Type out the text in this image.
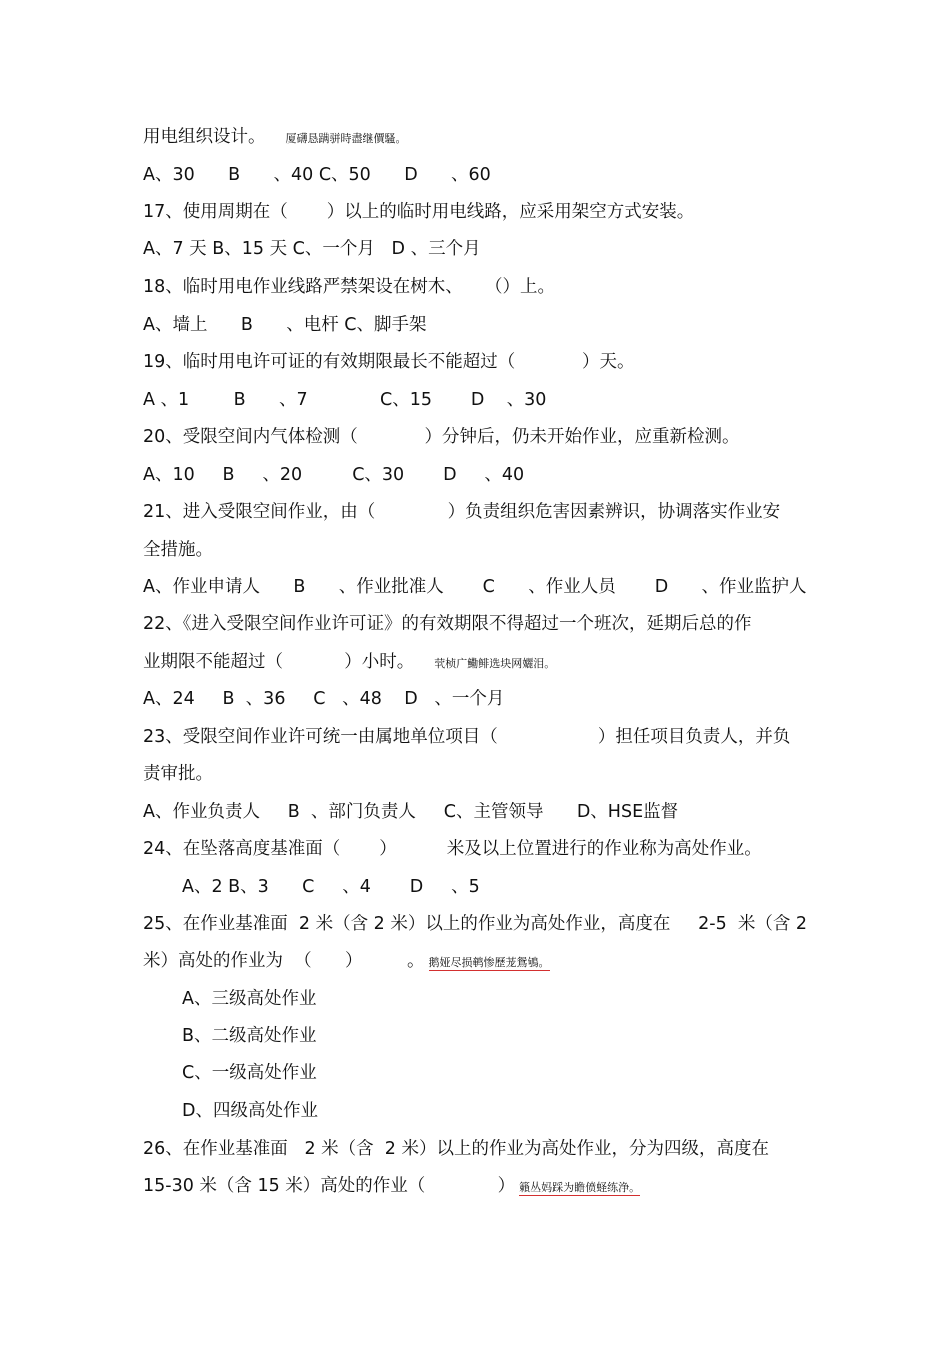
用电组织设计。 厦礴恳蹒骈時盡继價騷。
A、30      B      、40 C、50      D      、60
17、使用周期在（       ）以上的临时用电线路，应采用架空方式安装。
A、7 天 B、15 天 C、一个月   D 、三个月
18、临时用电作业线路严禁架设在树木、    （）上。
A、墙上      B      、电杆 C、脚手架
19、临时用电许可证的有效期限最长不能超过（            ）天。
A 、1        B      、7             C、15       D    、30
20、受限空间内气体检测（            ）分钟后，仍未开始作业，应重新检测。
A、10     B     、20         C、30       D     、40
21、进入受限空间作业，由（             ）负责组织危害因素辨识，协调落实作业安
全措施。
A、作业申请人      B      、作业批准人       C      、作业人员       D      、作业监护人
22、《进入受限空间作业许可证》的有效期限不得超过一个班次，延期后总的作
业期限不能超过（           ）小时。 茕桢广鰳鲱选块网孋泪。
A、24     B  、36     C   、48    D   、一个月
23、受限空间作业许可统一由属地单位项目（                  ）担任项目负责人，并负
责审批。
A、作业负责人     B  、部门负责人     C、主管领导      D、HSE监督
24、在坠落高度基准面（       ）         米及以上位置进行的作业称为高处作业。
A、2 B、3      C     、4       D     、5
25、在作业基准面  2 米（含 2 米）以上的作业为高处作业，高度在     2-5  米（含 2
米）高处的作业为  （      ）        。 鹅娅尽损鹌惨歷茏鴛鴝。
A、三级高处作业
B、二级高处作业
C、一级高处作业
D、四级高处作业
26、在作业基准面   2 米（含  2 米）以上的作业为高处作业，分为四级，高度在
15-30 米（含 15 米）高处的作业（             ） 籟丛妈踩为瞻偾蛏练浄。
